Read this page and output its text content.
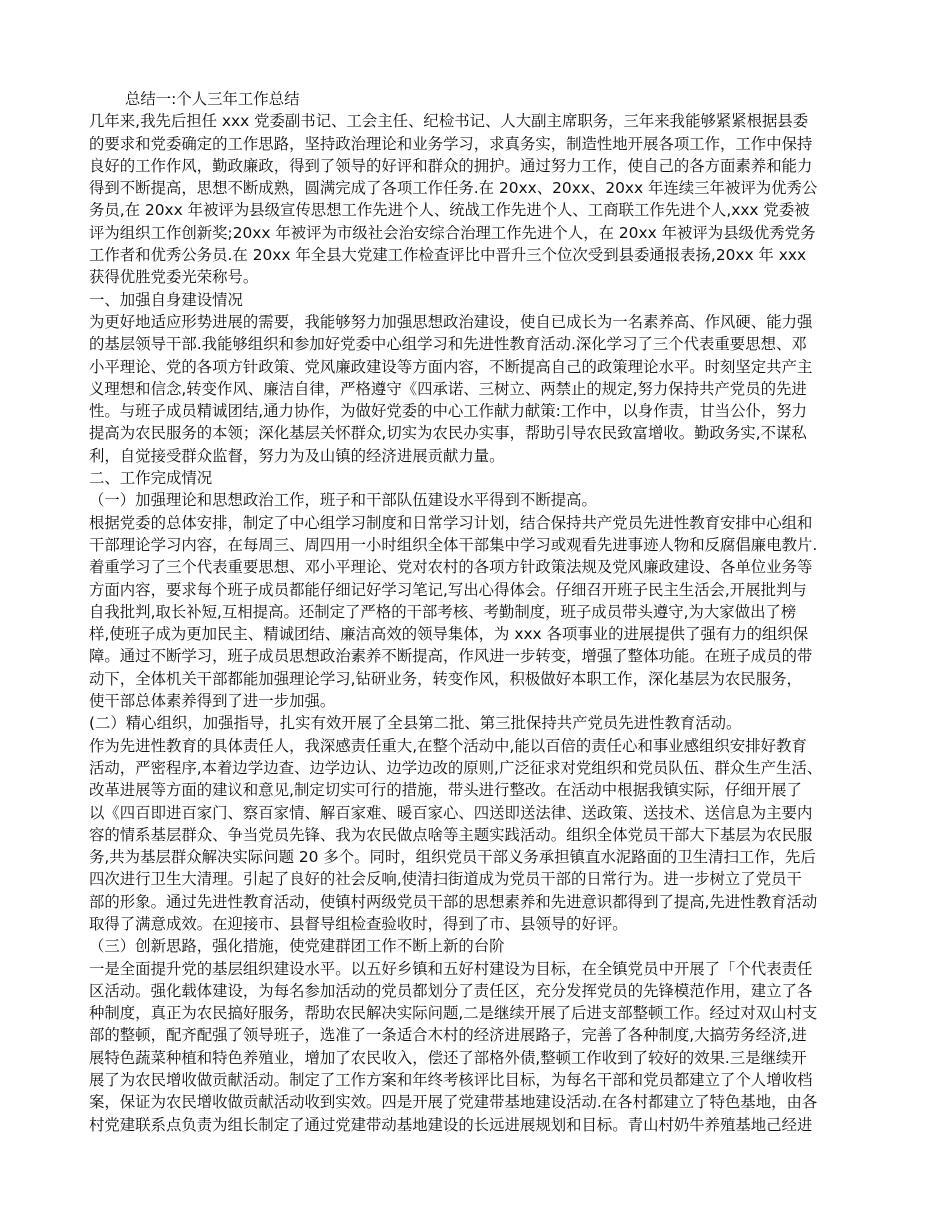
总结一:个人三年工作总结
几年来,我先后担任 xxx 党委副书记、工会主任、纪检书记、人大副主席职务，三年来我能够紧紧根据县委
的要求和党委确定的工作思路，坚持政治理论和业务学习，求真务实，制造性地开展各项工作，工作中保持
良好的工作作风，勤政廉政，得到了领导的好评和群众的拥护。通过努力工作，使自己的各方面素养和能力
得到不断提高，思想不断成熟，圆满完成了各项工作任务.在 20xx、20xx、20xx 年连续三年被评为优秀公
务员,在 20xx 年被评为县级宣传思想工作先进个人、统战工作先进个人、工商联工作先进个人,xxx 党委被
评为组织工作创新奖;20xx 年被评为市级社会治安综合治理工作先进个人，在 20xx 年被评为县级优秀党务
工作者和优秀公务员.在 20xx 年全县大党建工作检查评比中晋升三个位次受到县委通报表扬,20xx 年 xxx
获得优胜党委光荣称号。
一、加强自身建设情况
为更好地适应形势进展的需要，我能够努力加强思想政治建设，使自已成长为一名素养高、作风硬、能力强
的基层领导干部.我能够组织和参加好党委中心组学习和先进性教育活动.深化学习了三个代表重要思想、邓
小平理论、党的各项方针政策、党风廉政建设等方面内容，不断提高自己的政策理论水平。时刻坚定共产主
义理想和信念,转变作风、廉洁自律，严格遵守《四承诺、三树立、两禁止的规定,努力保持共产党员的先进
性。与班子成员精诚团结,通力协作，为做好党委的中心工作献力献策:工作中，以身作责，甘当公仆，努力
提高为农民服务的本领；深化基层关怀群众,切实为农民办实事，帮助引导农民致富增收。勤政务实,不谋私
利，自觉接受群众监督，努力为及山镇的经济进展贡献力量。
二、工作完成情况
（一）加强理论和思想政治工作，班子和干部队伍建设水平得到不断提高。
根据党委的总体安排，制定了中心组学习制度和日常学习计划，结合保持共产党员先进性教育安排中心组和
干部理论学习内容，在每周三、周四用一小时组织全体干部集中学习或观看先进事迹人物和反腐倡廉电教片.
着重学习了三个代表重要思想、邓小平理论、党对农村的各项方针政策法规及党风廉政建设、各单位业务等
方面内容，要求每个班子成员都能仔细记好学习笔记,写出心得体会。仔细召开班子民主生活会,开展批判与
自我批判,取长补短,互相提高。还制定了严格的干部考核、考勤制度，班子成员带头遵守,为大家做出了榜
样,使班子成为更加民主、精诚团结、廉洁高效的领导集体，为 xxx 各项事业的进展提供了强有力的组织保
障。通过不断学习，班子成员思想政治素养不断提高，作风进一步转变，增强了整体功能。在班子成员的带
动下，全体机关干部都能加强理论学习,钻研业务，转变作风，积极做好本职工作，深化基层为农民服务，
使干部总体素养得到了进一步加强。
(二）精心组织，加强指导，扎实有效开展了全县第二批、第三批保持共产党员先进性教育活动。
作为先进性教育的具体责任人，我深感责任重大,在整个活动中,能以百倍的责任心和事业感组织安排好教育
活动，严密程序,本着边学边查、边学边认、边学边改的原则,广泛征求对党组织和党员队伍、群众生产生活、
改革进展等方面的建议和意见,制定切实可行的措施，带头进行整改。在活动中根据我镇实际，仔细开展了
以《四百即进百家门、察百家情、解百家难、暖百家心、四送即送法律、送政策、送技术、送信息为主要内
容的情系基层群众、争当党员先锋、我为农民做点啥等主题实践活动。组织全体党员干部大下基层为农民服
务,共为基层群众解决实际问题 20 多个。同时，组织党员干部义务承担镇直水泥路面的卫生清扫工作，先后
四次进行卫生大清理。引起了良好的社会反响,使清扫街道成为党员干部的日常行为。进一步树立了党员干
部的形象。通过先进性教育活动，使镇村两级党员干部的思想素养和先进意识都得到了提高,先进性教育活动
取得了满意成效。在迎接市、县督导组检查验收时，得到了市、县领导的好评。
（三）创新思路，强化措施，使党建群团工作不断上新的台阶
一是全面提升党的基层组织建设水平。以五好乡镇和五好村建设为目标，在全镇党员中开展了「个代表责任
区活动。强化载体建设，为每名参加活动的党员都划分了责任区，充分发挥党员的先锋模范作用，建立了各
种制度，真正为农民搞好服务，帮助农民解决实际问题,二是继续开展了后进支部整顿工作。经过对双山村支
部的整顿，配齐配强了领导班子，选准了一条适合木村的经济进展路子，完善了各种制度,大搞劳务经济,进
展特色蔬菜种植和特色养殖业，增加了农民收入，偿还了部格外债,整顿工作收到了较好的效果.三是继续开
展了为农民增收做贡献活动。制定了工作方案和年终考核评比目标，为每名干部和党员都建立了个人增收档
案，保证为农民增收做贡献活动收到实效。四是开展了党建带基地建设活动.在各村都建立了特色基地，由各
村党建联系点负责为组长制定了通过党建带动基地建设的长远进展规划和目标。青山村奶牛养殖基地己经进
